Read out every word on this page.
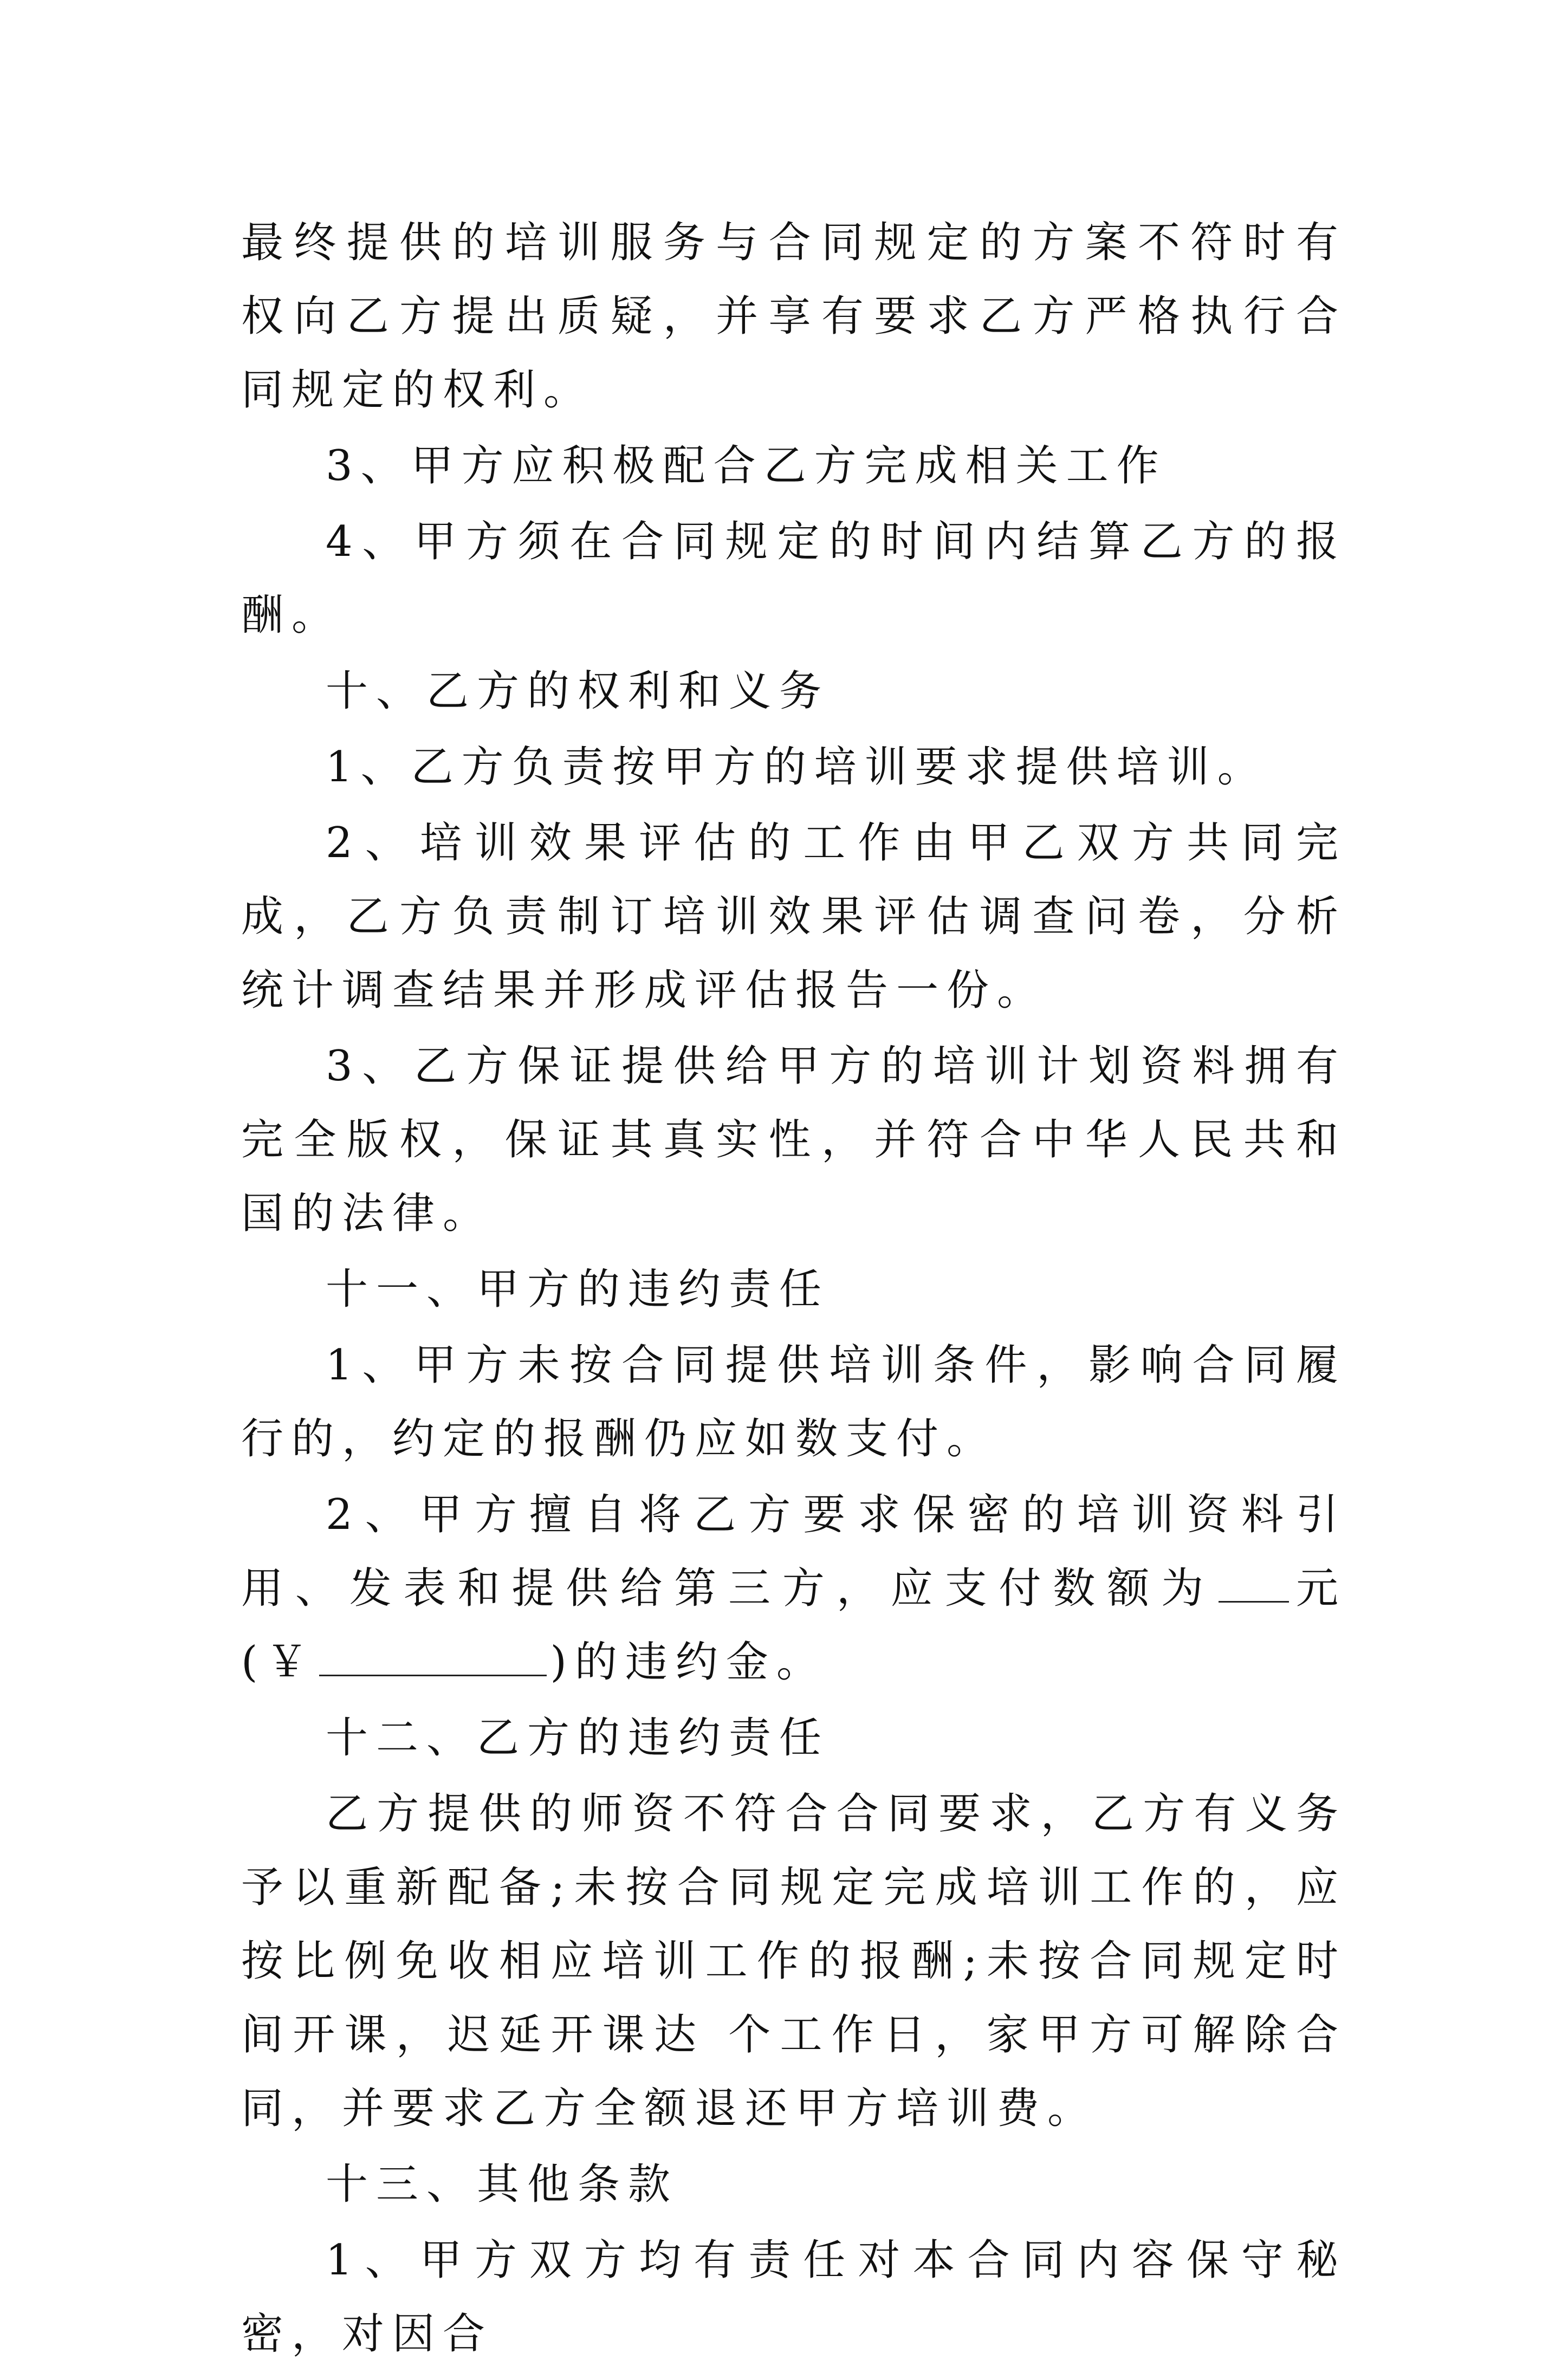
最终提供的培训服务与合同规定的方案不符时有权向乙方提出质疑，并享有要求乙方严格执行合同规定的权利。

3、甲方应积极配合乙方完成相关工作

4、甲方须在合同规定的时间内结算乙方的报酬。

十、乙方的权利和义务

1、乙方负责按甲方的培训要求提供培训。

2、培训效果评估的工作由甲乙双方共同完成，乙方负责制订培训效果评估调查问卷，分析统计调查结果并形成评估报告一份。

3、乙方保证提供给甲方的培训计划资料拥有完全版权，保证其真实性，并符合中华人民共和国的法律。

十一、甲方的违约责任

1、甲方未按合同提供培训条件，影响合同履行的，约定的报酬仍应如数支付。

2、甲方擅自将乙方要求保密的培训资料引用、发表和提供给第三方，应支付数额为 元(￥	)的违约金。

十二、乙方的违约责任

乙方提供的师资不符合合同要求，乙方有义务予以重新配备;未按合同规定完成培训工作的，应按比例免收相应培训工作的报酬;未按合同规定时间开课，迟延开课达 个工作日，家甲方可解除合同，并要求乙方全额退还甲方培训费。

十三、其他条款

1、甲方双方均有责任对本合同内容保守秘密，对因合
